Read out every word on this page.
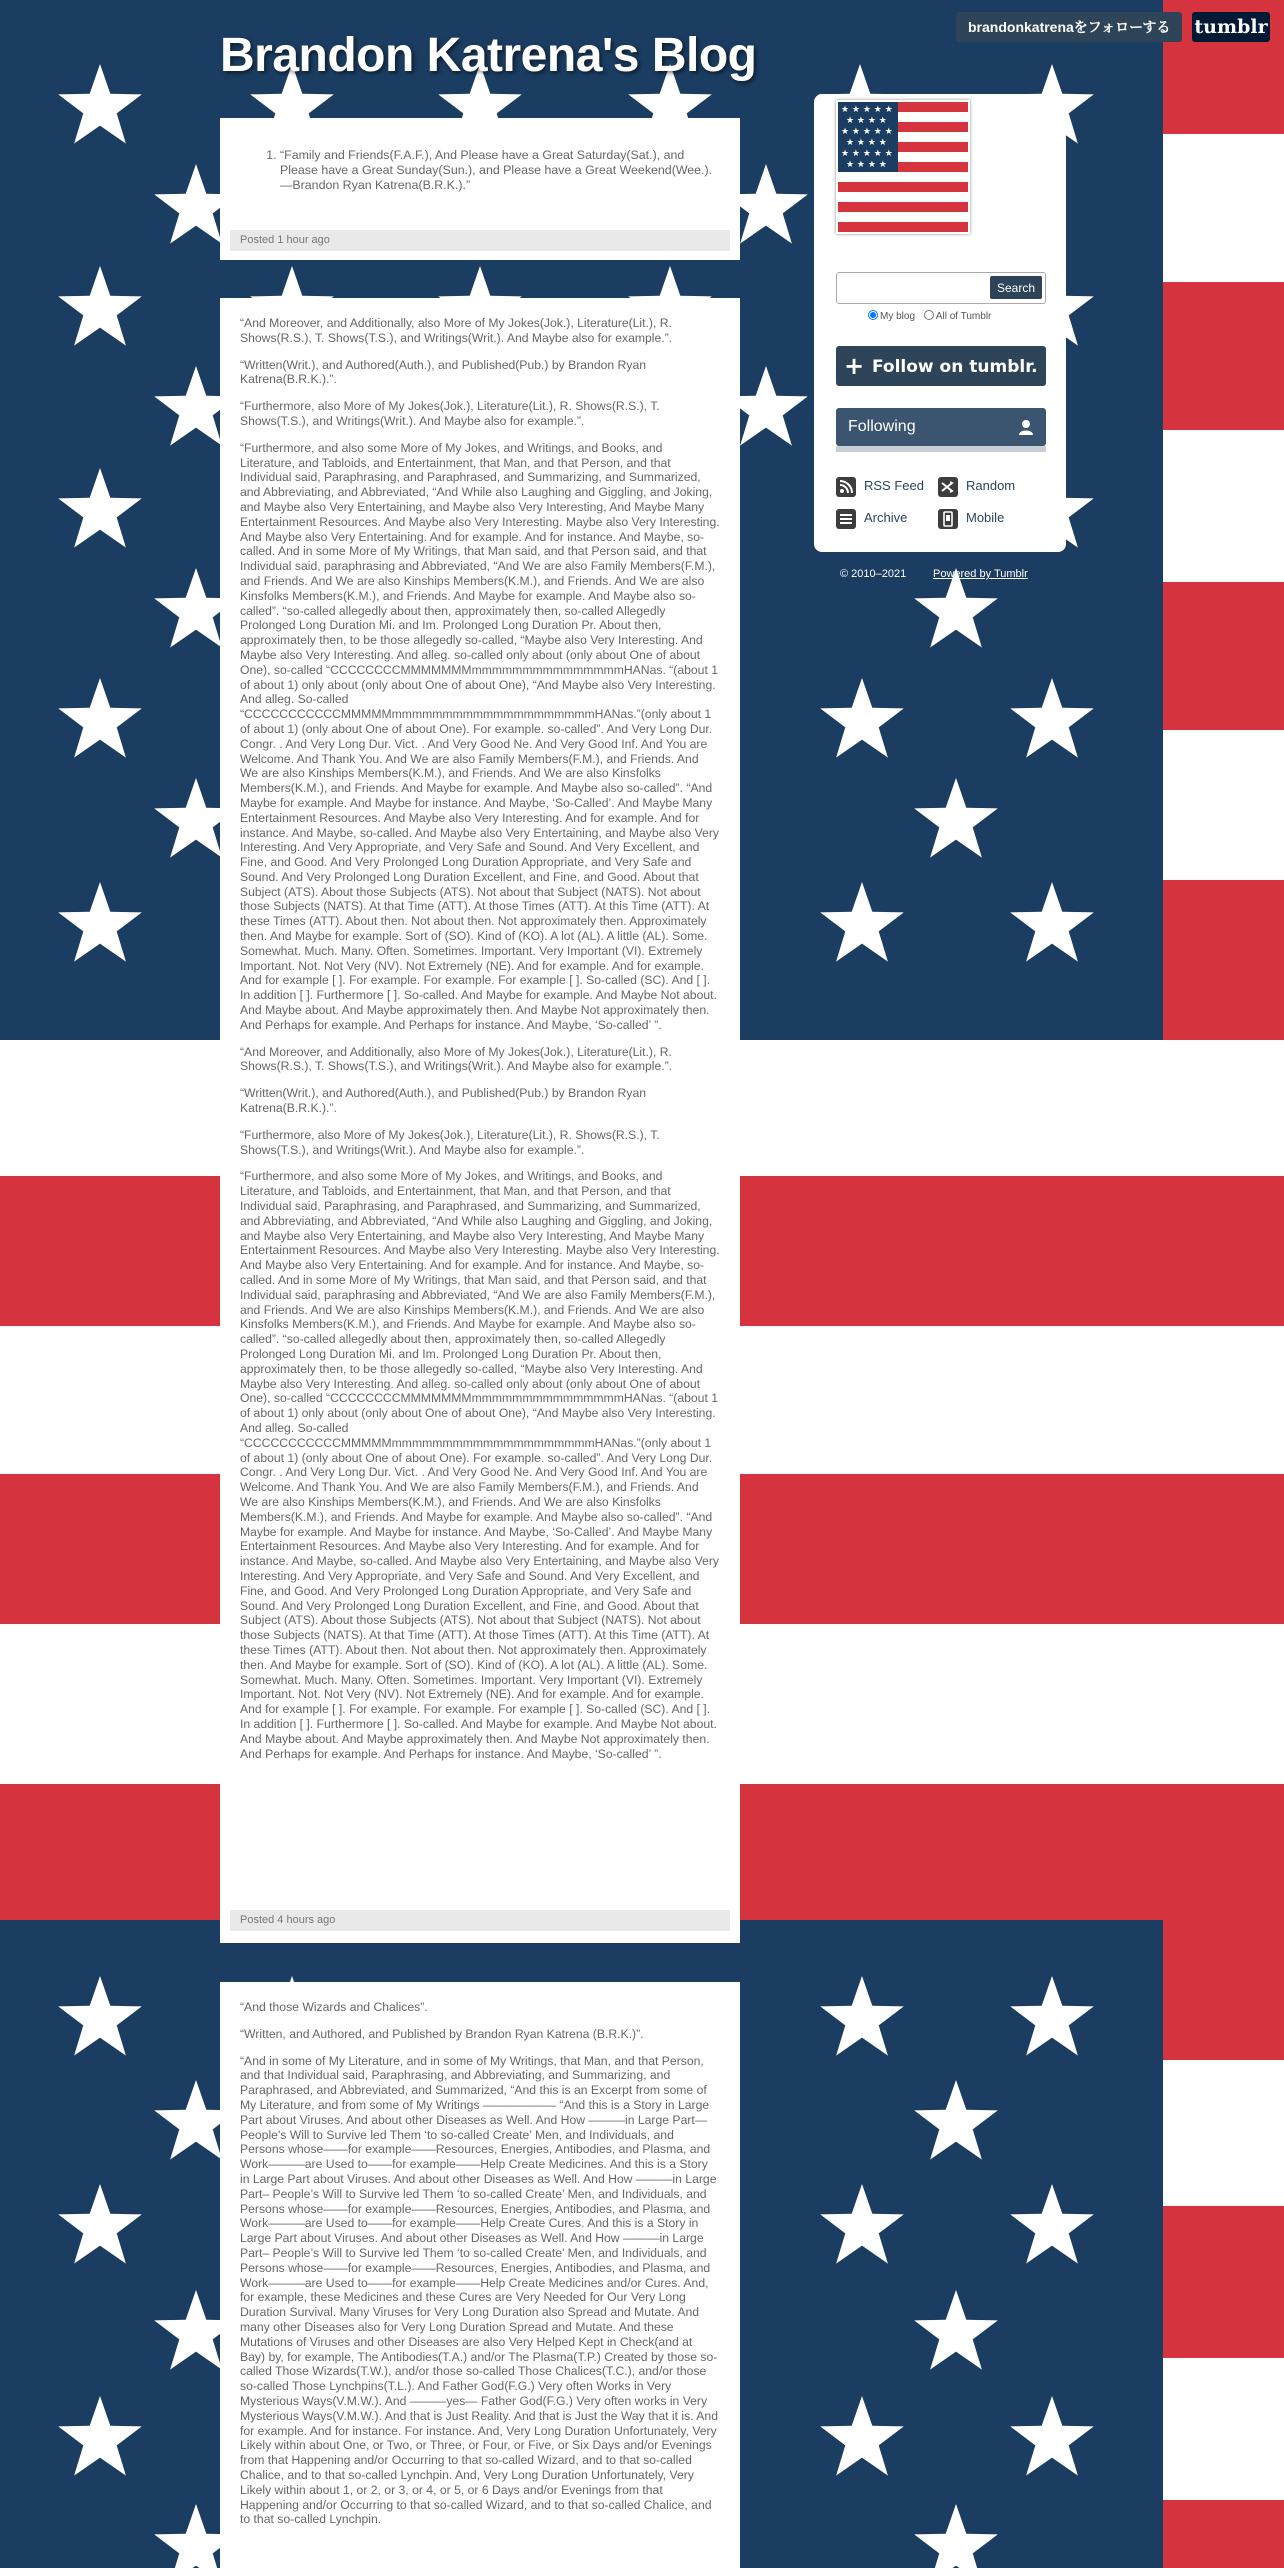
brandonkatrenaをフォローする	tumblr
Brandon Katrena's Blog
1. “Family and Friends(F.A.F.), And Please have a Great Saturday(Sat.), and Please have a Great Sunday(Sun.), and Please have a Great Weekend(Wee.). —Brandon Ryan Katrena(B.R.K.).”
Posted 1 hour ago

“And Moreover, and Additionally, also More of My Jokes(Jok.), Literature(Lit.), R. Shows(R.S.), T. Shows(T.S.), and Writings(Writ.). And Maybe also for example.”.

“Written(Writ.), and Authored(Auth.), and Published(Pub.) by Brandon Ryan Katrena(B.R.K.).”.

“Furthermore, also More of My Jokes(Jok.), Literature(Lit.), R. Shows(R.S.), T. Shows(T.S.), and Writings(Writ.). And Maybe also for example.”.

“Furthermore, and also some More of My Jokes, and Writings, and Books, and Literature, and Tabloids, and Entertainment, that Man, and that Person, and that Individual said, Paraphrasing, and Paraphrased, and Summarizing, and Summarized, and Abbreviating, and Abbreviated, “And While also Laughing and Giggling, and Joking, and Maybe also Very Entertaining, and Maybe also Very Interesting, And Maybe Many Entertainment Resources. And Maybe also Very Interesting. Maybe also Very Interesting. And Maybe also Very Entertaining. And for example. And for instance. And Maybe, so-called. And in some More of My Writings, that Man said, and that Person said, and that Individual said, paraphrasing and Abbreviated, “And We are also Family Members(F.M.), and Friends. And We are also Kinships Members(K.M.), and Friends. And We are also Kinsfolks Members(K.M.), and Friends. And Maybe for example. And Maybe also so-called”. “so-called allegedly about then, approximately then, so-called Allegedly Prolonged Long Duration Mi. and Im. Prolonged Long Duration Pr. About then, approximately then, to be those allegedly so-called, “Maybe also Very Interesting. And Maybe also Very Interesting. And alleg. so-called only about (only about One of about One), so-called “CCCCCCCCMMMMMMMmmmmmmmmmmmmmmmHANas. “(about 1 of about 1) only about (only about One of about One), “And Maybe also Very Interesting. And alleg. So-called “CCCCCCCCCCCMMMMMmmmmmmmmmmmmmmmmmmmmHANas.”(only about 1 of about 1) (only about One of about One). For example. so-called”. And Very Long Dur. Congr. . And Very Long Dur. Vict. . And Very Good Ne. And Very Good Inf. And You are Welcome. And Thank You. And We are also Family Members(F.M.), and Friends. And We are also Kinships Members(K.M.), and Friends. And We are also Kinsfolks Members(K.M.), and Friends. And Maybe for example. And Maybe also so-called”. “And Maybe for example. And Maybe for instance. And Maybe, ‘So-Called’. And Maybe Many Entertainment Resources. And Maybe also Very Interesting. And for example. And for instance. And Maybe, so-called. And Maybe also Very Entertaining, and Maybe also Very Interesting. And Very Appropriate, and Very Safe and Sound. And Very Excellent, and Fine, and Good. And Very Prolonged Long Duration Appropriate, and Very Safe and Sound. And Very Prolonged Long Duration Excellent, and Fine, and Good. About that Subject (ATS). About those Subjects (ATS). Not about that Subject (NATS). Not about those Subjects (NATS). At that Time (ATT). At those Times (ATT). At this Time (ATT). At these Times (ATT). About then. Not about then. Not approximately then. Approximately then. And Maybe for example. Sort of (SO). Kind of (KO). A lot (AL). A little (AL). Some. Somewhat. Much. Many. Often. Sometimes. Important. Very Important (VI). Extremely Important. Not. Not Very (NV). Not Extremely (NE). And for example. And for example. And for example [ ]. For example. For example. For example [ ]. So-called (SC). And [ ]. In addition [ ]. Furthermore [ ]. So-called. And Maybe for example. And Maybe Not about. And Maybe about. And Maybe approximately then. And Maybe Not approximately then. And Perhaps for example. And Perhaps for instance. And Maybe, ‘So-called’ ”.

“And Moreover, and Additionally, also More of My Jokes(Jok.), Literature(Lit.), R. Shows(R.S.), T. Shows(T.S.), and Writings(Writ.). And Maybe also for example.”.

“Written(Writ.), and Authored(Auth.), and Published(Pub.) by Brandon Ryan Katrena(B.R.K.).”.

“Furthermore, also More of My Jokes(Jok.), Literature(Lit.), R. Shows(R.S.), T. Shows(T.S.), and Writings(Writ.). And Maybe also for example.”.

“Furthermore, and also some More of My Jokes, and Writings, and Books, and Literature, and Tabloids, and Entertainment, that Man, and that Person, and that Individual said, Paraphrasing, and Paraphrased, and Summarizing, and Summarized, and Abbreviating, and Abbreviated, “And While also Laughing and Giggling, and Joking, and Maybe also Very Entertaining, and Maybe also Very Interesting, And Maybe Many Entertainment Resources. And Maybe also Very Interesting. Maybe also Very Interesting. And Maybe also Very Entertaining. And for example. And for instance. And Maybe, so-called. And in some More of My Writings, that Man said, and that Person said, and that Individual said, paraphrasing and Abbreviated, “And We are also Family Members(F.M.), and Friends. And We are also Kinships Members(K.M.), and Friends. And We are also Kinsfolks Members(K.M.), and Friends. And Maybe for example. And Maybe also so-called”. “so-called allegedly about then, approximately then, so-called Allegedly Prolonged Long Duration Mi. and Im. Prolonged Long Duration Pr. About then, approximately then, to be those allegedly so-called, “Maybe also Very Interesting. And Maybe also Very Interesting. And alleg. so-called only about (only about One of about One), so-called “CCCCCCCCMMMMMMMmmmmmmmmmmmmmmmHANas. “(about 1 of about 1) only about (only about One of about One), “And Maybe also Very Interesting. And alleg. So-called “CCCCCCCCCCCMMMMMmmmmmmmmmmmmmmmmmmmmHANas.”(only about 1 of about 1) (only about One of about One). For example. so-called”. And Very Long Dur. Congr. . And Very Long Dur. Vict. . And Very Good Ne. And Very Good Inf. And You are Welcome. And Thank You. And We are also Family Members(F.M.), and Friends. And We are also Kinships Members(K.M.), and Friends. And We are also Kinsfolks Members(K.M.), and Friends. And Maybe for example. And Maybe also so-called”. “And Maybe for example. And Maybe for instance. And Maybe, ‘So-Called’. And Maybe Many Entertainment Resources. And Maybe also Very Interesting. And for example. And for instance. And Maybe, so-called. And Maybe also Very Entertaining, and Maybe also Very Interesting. And Very Appropriate, and Very Safe and Sound. And Very Excellent, and Fine, and Good. And Very Prolonged Long Duration Appropriate, and Very Safe and Sound. And Very Prolonged Long Duration Excellent, and Fine, and Good. About that Subject (ATS). About those Subjects (ATS). Not about that Subject (NATS). Not about those Subjects (NATS). At that Time (ATT). At those Times (ATT). At this Time (ATT). At these Times (ATT). About then. Not about then. Not approximately then. Approximately then. And Maybe for example. Sort of (SO). Kind of (KO). A lot (AL). A little (AL). Some. Somewhat. Much. Many. Often. Sometimes. Important. Very Important (VI). Extremely Important. Not. Not Very (NV). Not Extremely (NE). And for example. And for example. And for example [ ]. For example. For example. For example [ ]. So-called (SC). And [ ]. In addition [ ]. Furthermore [ ]. So-called. And Maybe for example. And Maybe Not about. And Maybe about. And Maybe approximately then. And Maybe Not approximately then. And Perhaps for example. And Perhaps for instance. And Maybe, ‘So-called’ ”.

Posted 4 hours ago

“And those Wizards and Chalices”.

“Written, and Authored, and Published by Brandon Ryan Katrena (B.R.K.)”.

“And in some of My Literature, and in some of My Writings, that Man, and that Person, and that Individual said, Paraphrasing, and Abbreviating, and Summarizing, and Paraphrased, and Abbreviated, and Summarized, “And this is an Excerpt from some of My Literature, and from some of My Writings —————— “And this is a Story in Large Part about Viruses. And about other Diseases as Well. And How ———in Large Part— People's Will to Survive led Them ‘to so-called Create’ Men, and Individuals, and Persons whose——for example——Resources, Energies, Antibodies, and Plasma, and Work———are Used to——for example——Help Create Medicines. And this is a Story in Large Part about Viruses. And about other Diseases as Well. And How ———in Large Part– People’s Will to Survive led Them ‘to so-called Create’ Men, and Individuals, and Persons whose——for example——Resources, Energies, Antibodies, and Plasma, and Work———are Used to——for example——Help Create Cures. And this is a Story in Large Part about Viruses. And about other Diseases as Well. And How ———in Large Part– People’s Will to Survive led Them ‘to so-called Create’ Men, and Individuals, and Persons whose——for example——Resources, Energies, Antibodies, and Plasma, and Work———are Used to——for example——Help Create Medicines and/or Cures. And, for example, these Medicines and these Cures are Very Needed for Our Very Long Duration Survival. Many Viruses for Very Long Duration also Spread and Mutate. And many other Diseases also for Very Long Duration Spread and Mutate. And these Mutations of Viruses and other Diseases are also Very Helped Kept in Check(and at Bay) by, for example, The Antibodies(T.A.) and/or The Plasma(T.P.) Created by those so-called Those Wizards(T.W.), and/or those so-called Those Chalices(T.C.), and/or those so-called Those Lynchpins(T.L.). And Father God(F.G.) Very often Works in Very Mysterious Ways(V.M.W.). And ———yes— Father God(F.G.) Very often works in Very Mysterious Ways(V.M.W.). And that is Just Reality. And that is Just the Way that it is. And for example. And for instance. For instance. And, Very Long Duration Unfortunately, Very Likely within about One, or Two, or Three, or Four, or Five, or Six Days and/or Evenings from that Happening and/or Occurring to that so-called Wizard, and to that so-called Chalice, and to that so-called Lynchpin. And, Very Long Duration Unfortunately, Very Likely within about 1, or 2, or 3, or 4, or 5, or 6 Days and/or Evenings from that Happening and/or Occurring to that so-called Wizard, and to that so-called Chalice, and to that so-called Lynchpin.

★ ★ ★ ★ ★
★ ★ ★ ★
★ ★ ★ ★ ★
★ ★ ★ ★
★ ★ ★ ★ ★
★ ★ ★ ★
Search
My blog All of Tumblr
+ Follow on tumblr.
Following
RSS Feed	Random
Archive	Mobile
© 2010–2021 Powered by Tumblr
